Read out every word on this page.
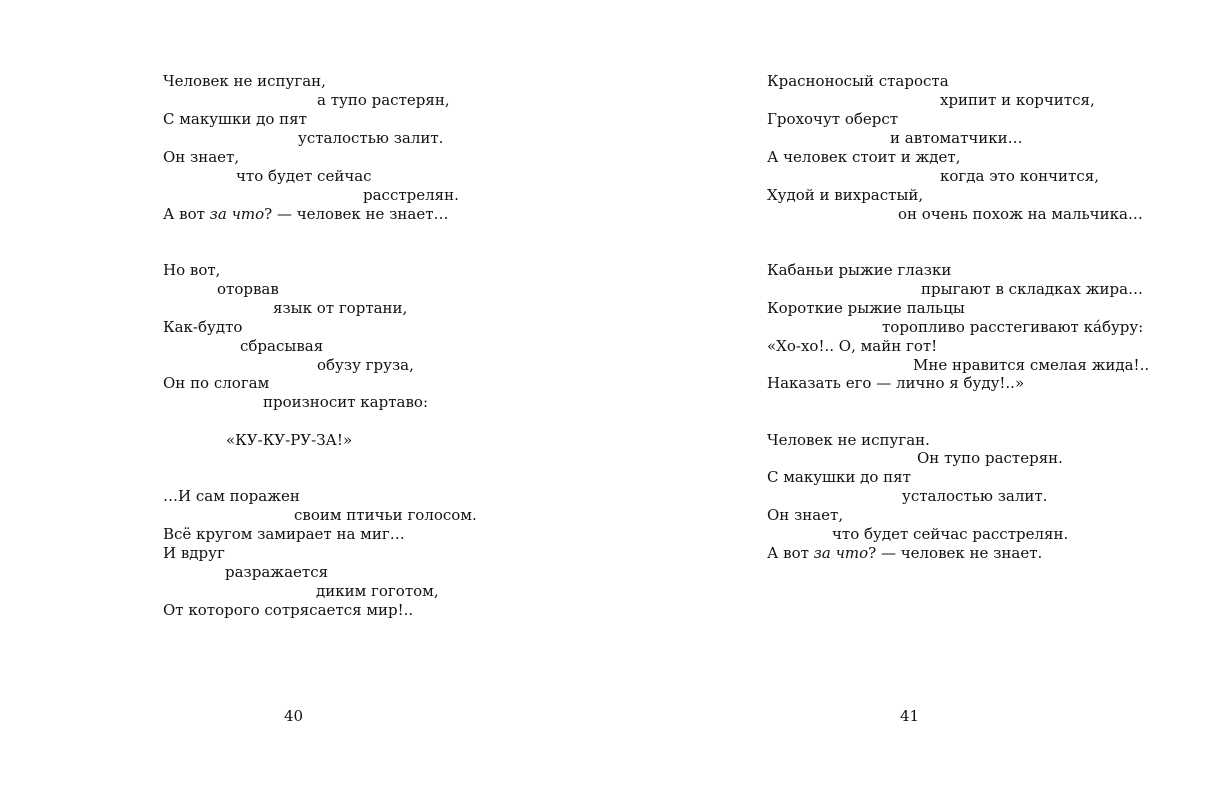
Человек не испуган,
а тупо растерян,
С макушки до пят
усталостью залит.
Он знает,
что будет сейчас
расстрелян.
А вот за что? — человек не знает…
Но вот,
оторвав
язык от гортани,
Как-будто
сбрасывая
обузу груза,
Он по слогам
произносит картаво:
«КУ-КУ-РУ-ЗА!»
…И сам поражен
своим птичьи голосом.
Всё кругом замирает на миг…
И вдруг
разражается
диким гоготом,
От которого сотрясается мир!..
40
Красноносый староста
хрипит и корчится,
Грохочут оберст
и автоматчики…
А человек стоит и ждет,
когда это кончится,
Худой и вихрастый,
он очень похож на мальчика…
Кабаньи рыжие глазки
прыгают в складках жира…
Короткие рыжие пальцы
торопливо расстегивают кáбуру:
«Хо-хо!.. О, майн гот!
Мне нравится смелая жида!..
Наказать его — лично я буду!..»
Человек не испуган.
Он тупо растерян.
С макушки до пят
усталостью залит.
Он знает,
что будет сейчас расстрелян.
А вот за что? — человек не знает.
41
